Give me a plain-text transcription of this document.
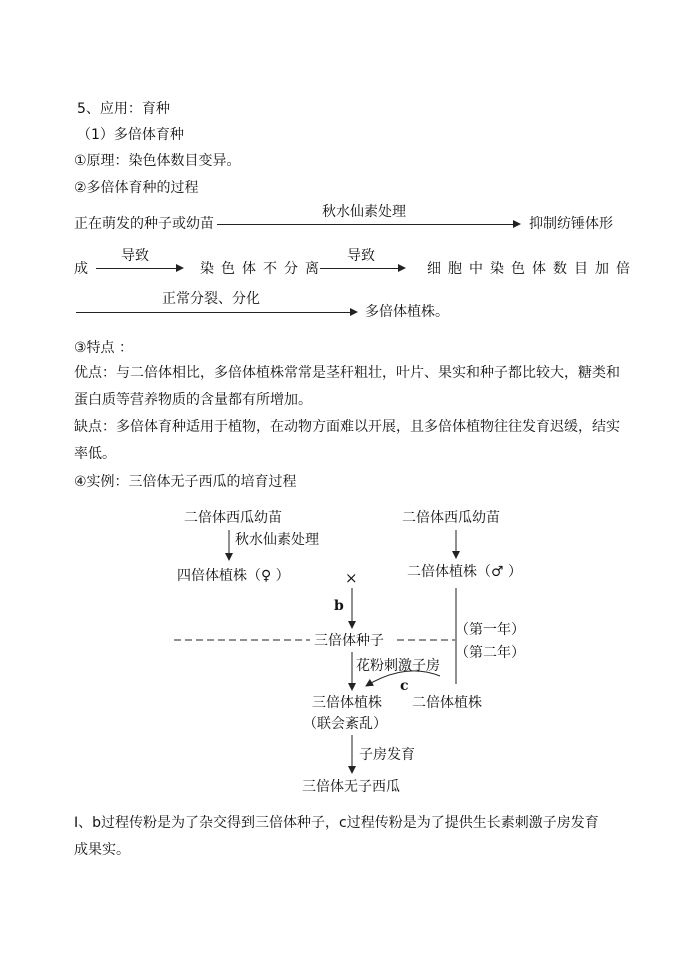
5、应用：育种
（1）多倍体育种
①原理：染色体数目变异。
②多倍体育种的过程
正在萌发的种子或幼苗
秋水仙素处理
抑制纺锤体形
成
导致
染色体不分离
导致
细胞中染色体数目加倍
正常分裂、分化
多倍体植株。
③特点 ：
优点：与二倍体相比，多倍体植株常常是茎秆粗壮，叶片、果实和种子都比较大，糖类和
蛋白质等营养物质的含量都有所增加。
缺点：多倍体育种适用于植物，在动物方面难以开展，且多倍体植物往往发育迟缓，结实
率低。
④实例：三倍体无子西瓜的培育过程
二倍体西瓜幼苗
秋水仙素处理
四倍体植株（♀ ）
二倍体西瓜幼苗
二倍体植株（♂ ）
×
b
三倍体种子
（第一年）
（第二年）
花粉刺激子房
c
三倍体植株 二倍体植株
（联会紊乱）
子房发育
三倍体无子西瓜
Ⅰ、b过程传粉是为了杂交得到三倍体种子，c过程传粉是为了提供生长素刺激子房发育
成果实。
